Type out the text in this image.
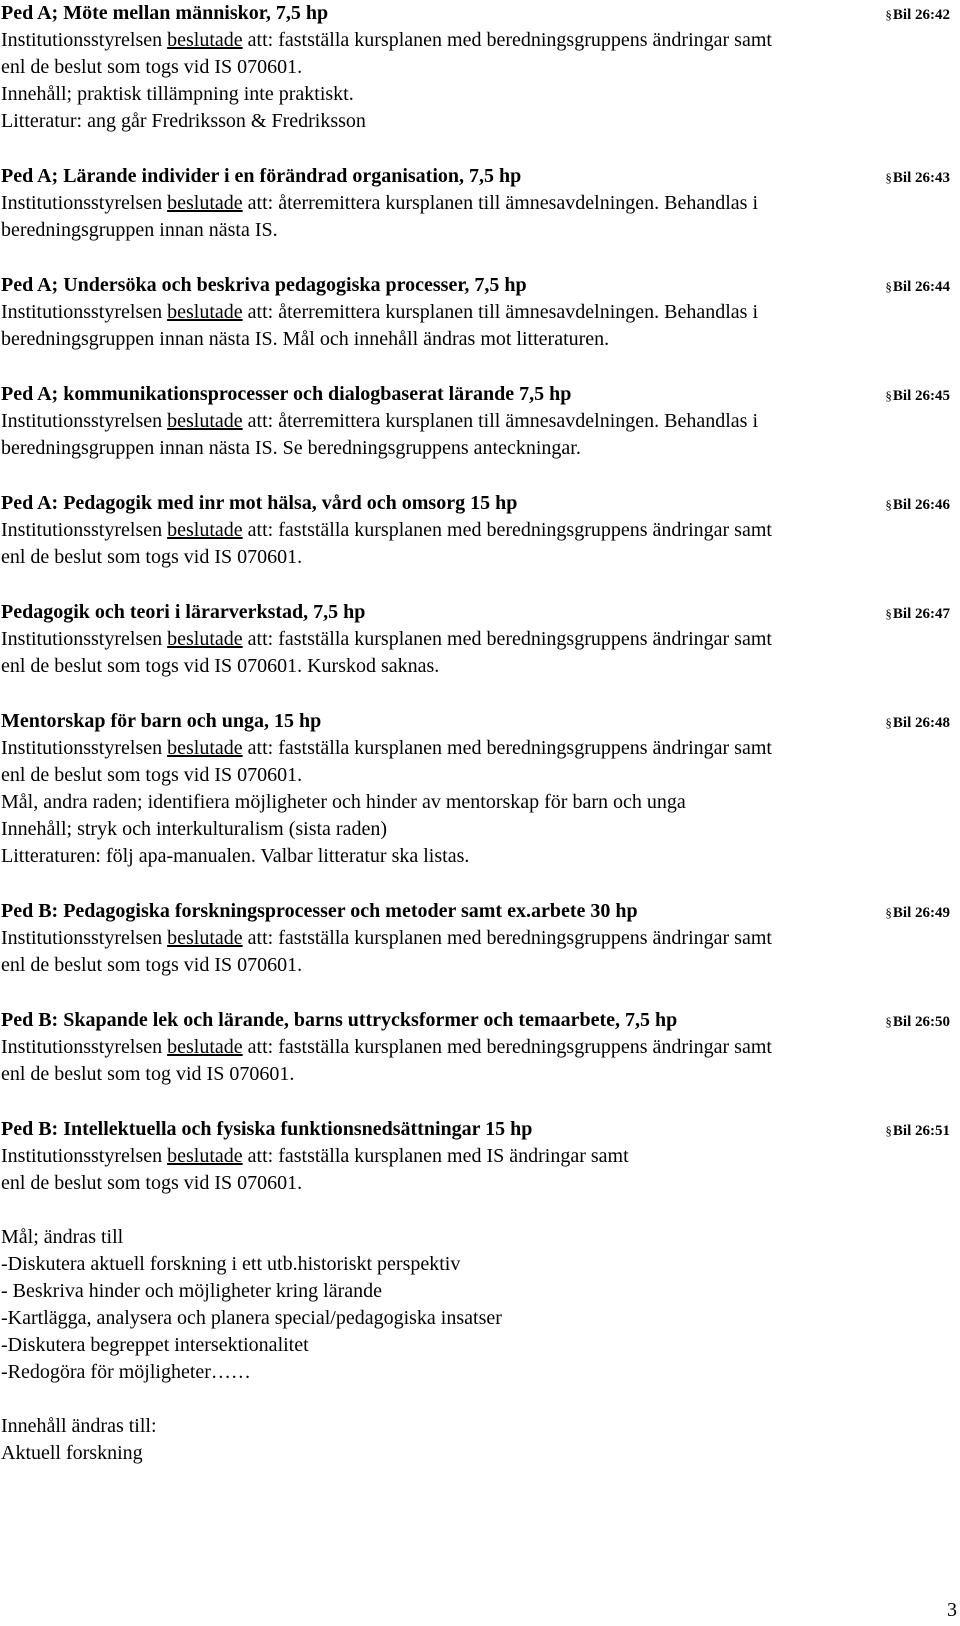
Ped A; Möte mellan människor, 7,5 hp	§ Bil 26:42
Institutionsstyrelsen beslutade att: fastställa kursplanen med beredningsgruppens ändringar samt
enl de beslut som togs vid IS 070601.
Innehåll; praktisk tillämpning inte praktiskt.
Litteratur: ang går Fredriksson & Fredriksson
Ped A; Lärande individer i en förändrad organisation, 7,5 hp	§ Bil 26:43
Institutionsstyrelsen beslutade att: återremittera kursplanen till ämnesavdelningen. Behandlas i
beredningsgruppen innan nästa IS.
Ped A; Undersöka och beskriva pedagogiska processer, 7,5 hp	§ Bil 26:44
Institutionsstyrelsen beslutade att: återremittera kursplanen till ämnesavdelningen. Behandlas i
beredningsgruppen innan nästa IS. Mål och innehåll ändras mot litteraturen.
Ped A; kommunikationsprocesser och dialogbaserat lärande 7,5 hp	§ Bil 26:45
Institutionsstyrelsen beslutade att: återremittera kursplanen till ämnesavdelningen. Behandlas i
beredningsgruppen innan nästa IS. Se beredningsgruppens anteckningar.
Ped A: Pedagogik med inr mot hälsa, vård och omsorg 15 hp	§ Bil 26:46
Institutionsstyrelsen beslutade att: fastställa kursplanen med beredningsgruppens ändringar samt
enl de beslut som togs vid IS 070601.
Pedagogik och teori i lärarverkstad, 7,5 hp	§ Bil 26:47
Institutionsstyrelsen beslutade att: fastställa kursplanen med beredningsgruppens ändringar samt
enl de beslut som togs vid IS 070601. Kurskod saknas.
Mentorskap för barn och unga, 15 hp	§ Bil 26:48
Institutionsstyrelsen beslutade att: fastställa kursplanen med beredningsgruppens ändringar samt
enl de beslut som togs vid IS 070601.
Mål, andra raden; identifiera möjligheter och hinder av mentorskap för barn och unga
Innehåll; stryk och interkulturalism (sista raden)
Litteraturen: följ apa-manualen. Valbar litteratur ska listas.
Ped B: Pedagogiska forskningsprocesser och metoder samt ex.arbete 30 hp	§ Bil 26:49
Institutionsstyrelsen beslutade att: fastställa kursplanen med beredningsgruppens ändringar samt
enl de beslut som togs vid IS 070601.
Ped B: Skapande lek och lärande, barns uttrycksformer och temaarbete, 7,5 hp	§ Bil 26:50
Institutionsstyrelsen beslutade att: fastställa kursplanen med beredningsgruppens ändringar samt
enl de beslut som tog vid IS 070601.
Ped B: Intellektuella och fysiska funktionsnedsättningar 15 hp	§ Bil 26:51
Institutionsstyrelsen beslutade att: fastställa kursplanen med IS ändringar samt
enl de beslut som togs vid IS 070601.
Mål; ändras till
-Diskutera aktuell forskning i ett utb.historiskt perspektiv
- Beskriva hinder och möjligheter kring lärande
-Kartlägga, analysera och planera special/pedagogiska insatser
-Diskutera begreppet intersektionalitet
-Redogöra för möjligheter……
Innehåll ändras till:
Aktuell forskning
3
